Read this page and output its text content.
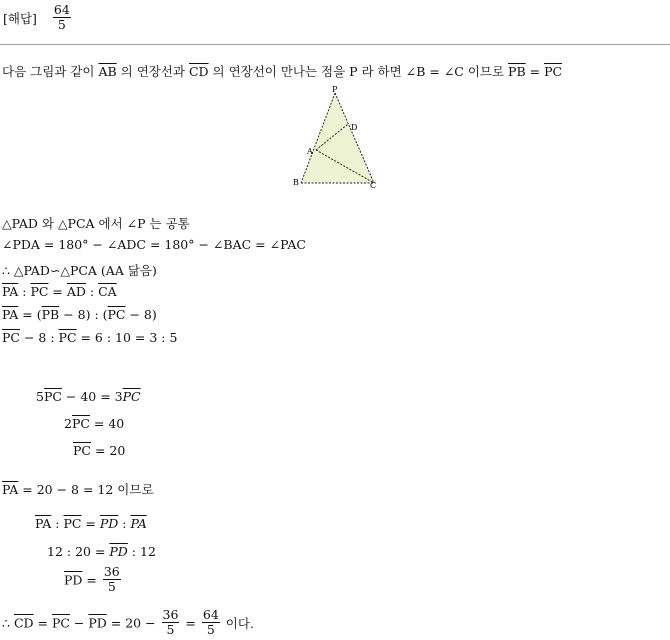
[해답] $\frac{64}{5}$
다음 그림과 같이 $\overline{AB}$ 의 연장선과 $\overline{CD}$ 의 연장선이 만나는 점을 P 라 하면 ∠B = ∠C 이므로 $\overline{PB} = \overline{PC}$
P
D
A
B	C
△PAD 와 △PCA 에서 ∠P 는 공통
∠PDA = 180° − ∠ADC = 180° − ∠BAC = ∠PAC
∴ △PAD∽△PCA (AA 닮음)
$\overline{PA}$ : $\overline{PC} = \overline{AD}$ : $\overline{CA}$
$\overline{PA} = (\overline{PB} - 8)$ : $(\overline{PC} - 8)$
$\overline{PC} - 8$ : $\overline{PC} = 6$ : 10 = 3 : 5
$5\overline{PC} - 40 = 3\overline{PC}$
$2\overline{PC} = 40$
$\overline{PC} = 20$
$\overline{PA} = 20 - 8 = 12$ 이므로
$\overline{PA}$ : $\overline{PC} = \overline{PD}$ : $\overline{PA}$
12 : $20 = \overline{PD}$ : 12
$\overline{PD} = \frac{36}{5}$
∴ $\overline{CD} = \overline{PC} - \overline{PD} = 20 - \frac{36}{5} = \frac{64}{5}$ 이다.
